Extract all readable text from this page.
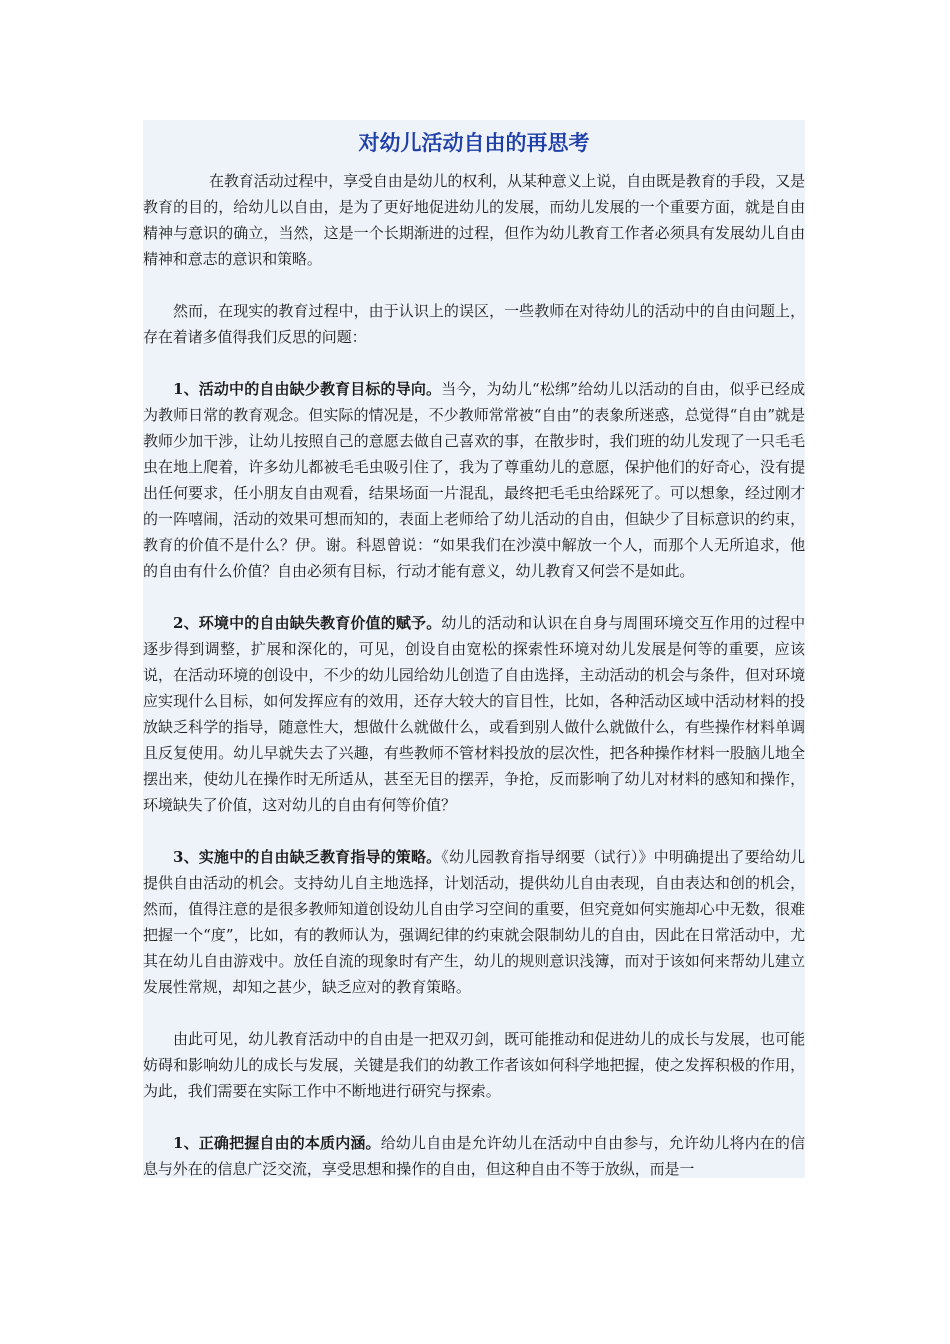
对幼儿活动自由的再思考

在教育活动过程中，享受自由是幼儿的权利，从某种意义上说，自由既是教育的手段，又是教育的目的，给幼儿以自由，是为了更好地促进幼儿的发展，而幼儿发展的一个重要方面，就是自由精神与意识的确立，当然，这是一个长期渐进的过程，但作为幼儿教育工作者必须具有发展幼儿自由精神和意志的意识和策略。

然而，在现实的教育过程中，由于认识上的误区，一些教师在对待幼儿的活动中的自由问题上，存在着诸多值得我们反思的问题：

1、活动中的自由缺少教育目标的导向。当今，为幼儿“松绑”给幼儿以活动的自由，似乎已经成为教师日常的教育观念。但实际的情况是，不少教师常常被“自由”的表象所迷惑，总觉得“自由”就是教师少加干涉，让幼儿按照自己的意愿去做自己喜欢的事，在散步时，我们班的幼儿发现了一只毛毛虫在地上爬着，许多幼儿都被毛毛虫吸引住了，我为了尊重幼儿的意愿，保护他们的好奇心，没有提出任何要求，任小朋友自由观看，结果场面一片混乱，最终把毛毛虫给踩死了。可以想象，经过刚才的一阵嘻闹，活动的效果可想而知的，表面上老师给了幼儿活动的自由，但缺少了目标意识的约束，教育的价值不是什么？伊。谢。科恩曾说：“如果我们在沙漠中解放一个人，而那个人无所追求，他的自由有什么价值？自由必须有目标，行动才能有意义，幼儿教育又何尝不是如此。

2、环境中的自由缺失教育价值的赋予。幼儿的活动和认识在自身与周围环境交互作用的过程中逐步得到调整，扩展和深化的，可见，创设自由宽松的探索性环境对幼儿发展是何等的重要，应该说，在活动环境的创设中，不少的幼儿园给幼儿创造了自由选择，主动活动的机会与条件，但对环境应实现什么目标，如何发挥应有的效用，还存大较大的盲目性，比如，各种活动区域中活动材料的投放缺乏科学的指导，随意性大，想做什么就做什么，或看到别人做什么就做什么，有些操作材料单调且反复使用。幼儿早就失去了兴趣，有些教师不管材料投放的层次性，把各种操作材料一股脑儿地全摆出来，使幼儿在操作时无所适从，甚至无目的摆弄，争抢，反而影响了幼儿对材料的感知和操作，环境缺失了价值，这对幼儿的自由有何等价值？

3、实施中的自由缺乏教育指导的策略。《幼儿园教育指导纲要（试行）》中明确提出了要给幼儿提供自由活动的机会。支持幼儿自主地选择，计划活动，提供幼儿自由表现，自由表达和创的机会，然而，值得注意的是很多教师知道创设幼儿自由学习空间的重要，但究竟如何实施却心中无数，很难把握一个“度”，比如，有的教师认为，强调纪律的约束就会限制幼儿的自由，因此在日常活动中，尤其在幼儿自由游戏中。放任自流的现象时有产生，幼儿的规则意识浅簿，而对于该如何来帮幼儿建立发展性常规，却知之甚少，缺乏应对的教育策略。

由此可见，幼儿教育活动中的自由是一把双刃剑，既可能推动和促进幼儿的成长与发展，也可能妨碍和影响幼儿的成长与发展，关键是我们的幼教工作者该如何科学地把握，使之发挥积极的作用，为此，我们需要在实际工作中不断地进行研究与探索。

1、正确把握自由的本质内涵。给幼儿自由是允许幼儿在活动中自由参与，允许幼儿将内在的信息与外在的信息广泛交流，享受思想和操作的自由，但这种自由不等于放纵，而是一
